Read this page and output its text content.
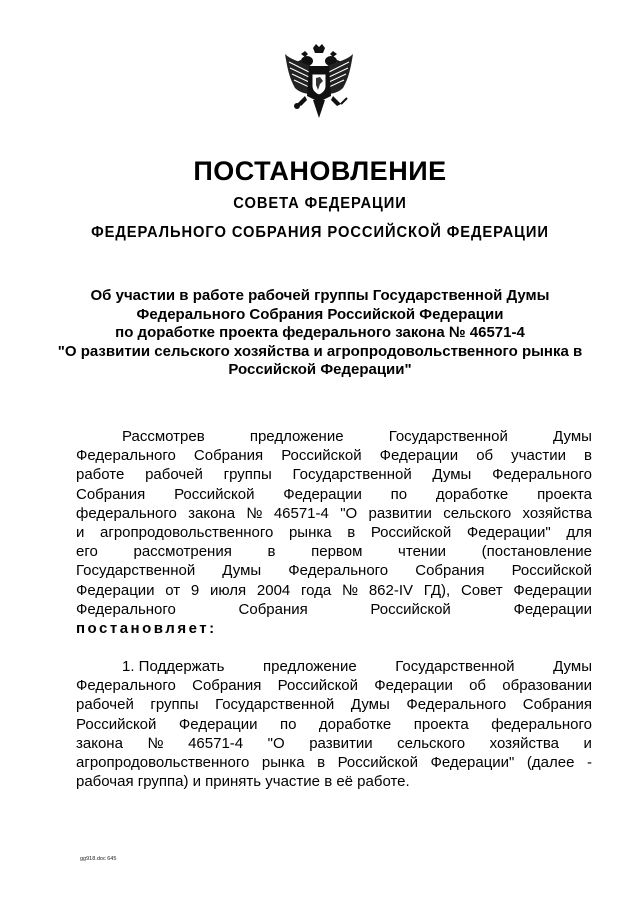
ПОСТАНОВЛЕНИЕ
СОВЕТА ФЕДЕРАЦИИ
ФЕДЕРАЛЬНОГО СОБРАНИЯ РОССИЙСКОЙ ФЕДЕРАЦИИ
Об участии в работе рабочей группы Государственной Думы
Федерального Собрания Российской Федерации
по доработке проекта федерального закона № 46571-4
"О развитии сельского хозяйства и агропродовольственного рынка в
Российской Федерации"
Рассмотрев	предложение	Государственной	Думы
Федерального Собрания Российской Федерации об участии в
работе рабочей группы Государственной Думы Федерального
Собрания Российской Федерации по доработке проекта
федерального закона № 46571-4 "О развитии сельского хозяйства
и агропродовольственного рынка в Российской Федерации" для
его рассмотрения в первом чтении (постановление
Государственной Думы Федерального Собрания Российской
Федерации от 9 июля 2004 года № 862-IV ГД), Совет Федерации
Федерального	Собрания	Российской	Федерации
постановляет:
1. Поддержать	предложение	Государственной	Думы
Федерального Собрания Российской Федерации об образовании
рабочей группы Государственной Думы Федерального Собрания
Российской Федерации по доработке проекта федерального
закона № 46571-4 "О развитии сельского хозяйства и
агропродовольственного рынка в Российской Федерации" (далее -
рабочая группа) и принять участие в её работе.
gg918.doc 645
